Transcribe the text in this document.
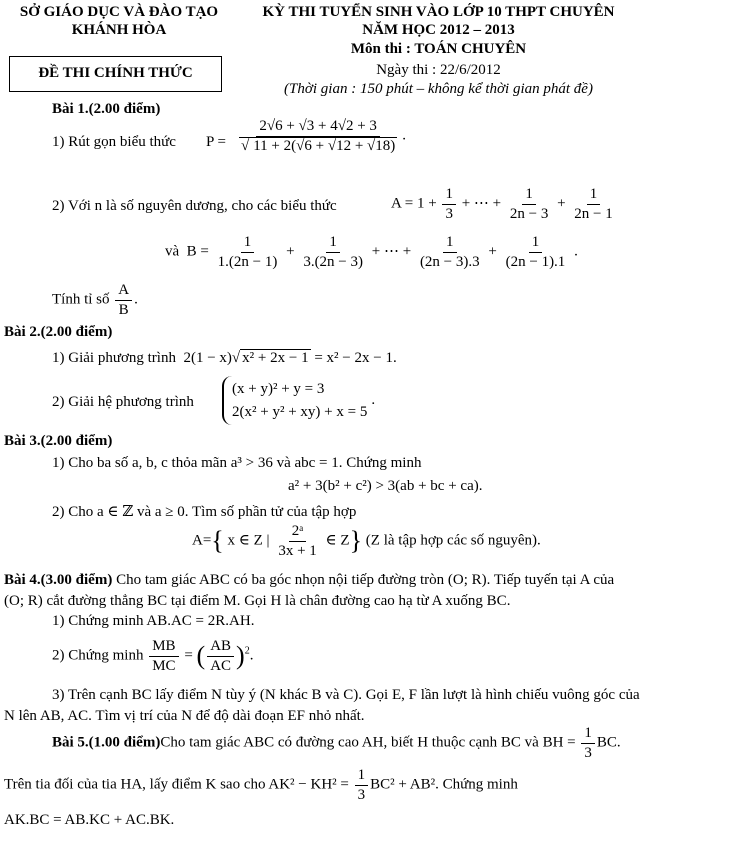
SỞ GIÁO DỤC VÀ ĐÀO TẠO
KHÁNH HÒA
KỲ THI TUYỂN SINH VÀO LỚP 10 THPT CHUYÊN
NĂM HỌC 2012 – 2013
Môn thi : TOÁN CHUYÊN
Ngày thi : 22/6/2012
(Thời gian : 150 phút – không kể thời gian phát đề)
ĐỀ THI CHÍNH THỨC
Bài 1.(2.00 điểm)
1) Rút gọn biểu thức $P = \frac{2√6 + √3 + 4√2 + 3}{√ 11 + 2(√6 + √12 + √18)}$ .
2) Với n là số nguyên dương, cho các biểu thức	$A = 1 + \frac{1}{3}$ + ⋯ + $\frac{1}{2n - 3} + \frac{1}{2n - 1}$
và $B = \frac{1}{1.(2n - 1)} + \frac{1}{3.(2n - 3)}$ + ⋯ + $\frac{1}{(2n - 3).3} + \frac{1}{(2n - 1).1}$ .
Tính tỉ số $\frac{A}{B}$ .
Bài 2.(2.00 điểm)
1) Giải phương trình 2(1 − x)√ x² + 2x − 1 = x² − 2x − 1.
2) Giải hệ phương trình
(x + y)² + y = 3
2(x² + y² + xy) + x = 5.
Bài 3.(2.00 điểm)
1) Cho ba số a, b, c thỏa mãn a³ > 36 và abc = 1. Chứng minh
a² + 3(b² + c²) > 3(ab + bc + ca).
2) Cho a ∈ ℤ và a ≥ 0. Tìm số phần tử của tập hợp
A={ x ∈ Z | $\frac{\text{2ᵃ}}{3x + 1}$ ∈ Z} (Z là tập hợp các số nguyên).
Bài 4.(3.00 điểm) Cho tam giác ABC có ba góc nhọn nội tiếp đường tròn (O; R). Tiếp tuyến tại A của
(O; R) cắt đường thẳng BC tại điểm M. Gọi H là chân đường cao hạ từ A xuống BC.
1) Chứng minh AB.AC = 2R.AH.
2) Chứng minh $\frac{MB}{MC}$ = ( $\frac{AB}{AC} )^2$.
3) Trên cạnh BC lấy điểm N tùy ý (N khác B và C). Gọi E, F lần lượt là hình chiếu vuông góc của
N lên AB, AC. Tìm vị trí của N để độ dài đoạn EF nhỏ nhất.
Bài 5.(1.00 điểm)Cho tam giác ABC có đường cao AH, biết H thuộc cạnh BC và BH = $\frac{1}{3}$ BC.
Trên tia đối của tia HA, lấy điểm K sao cho $AK^2 - KH^2 = \frac{1}{3} BC^2 + AB^2$. Chứng minh
AK.BC = AB.KC + AC.BK.
